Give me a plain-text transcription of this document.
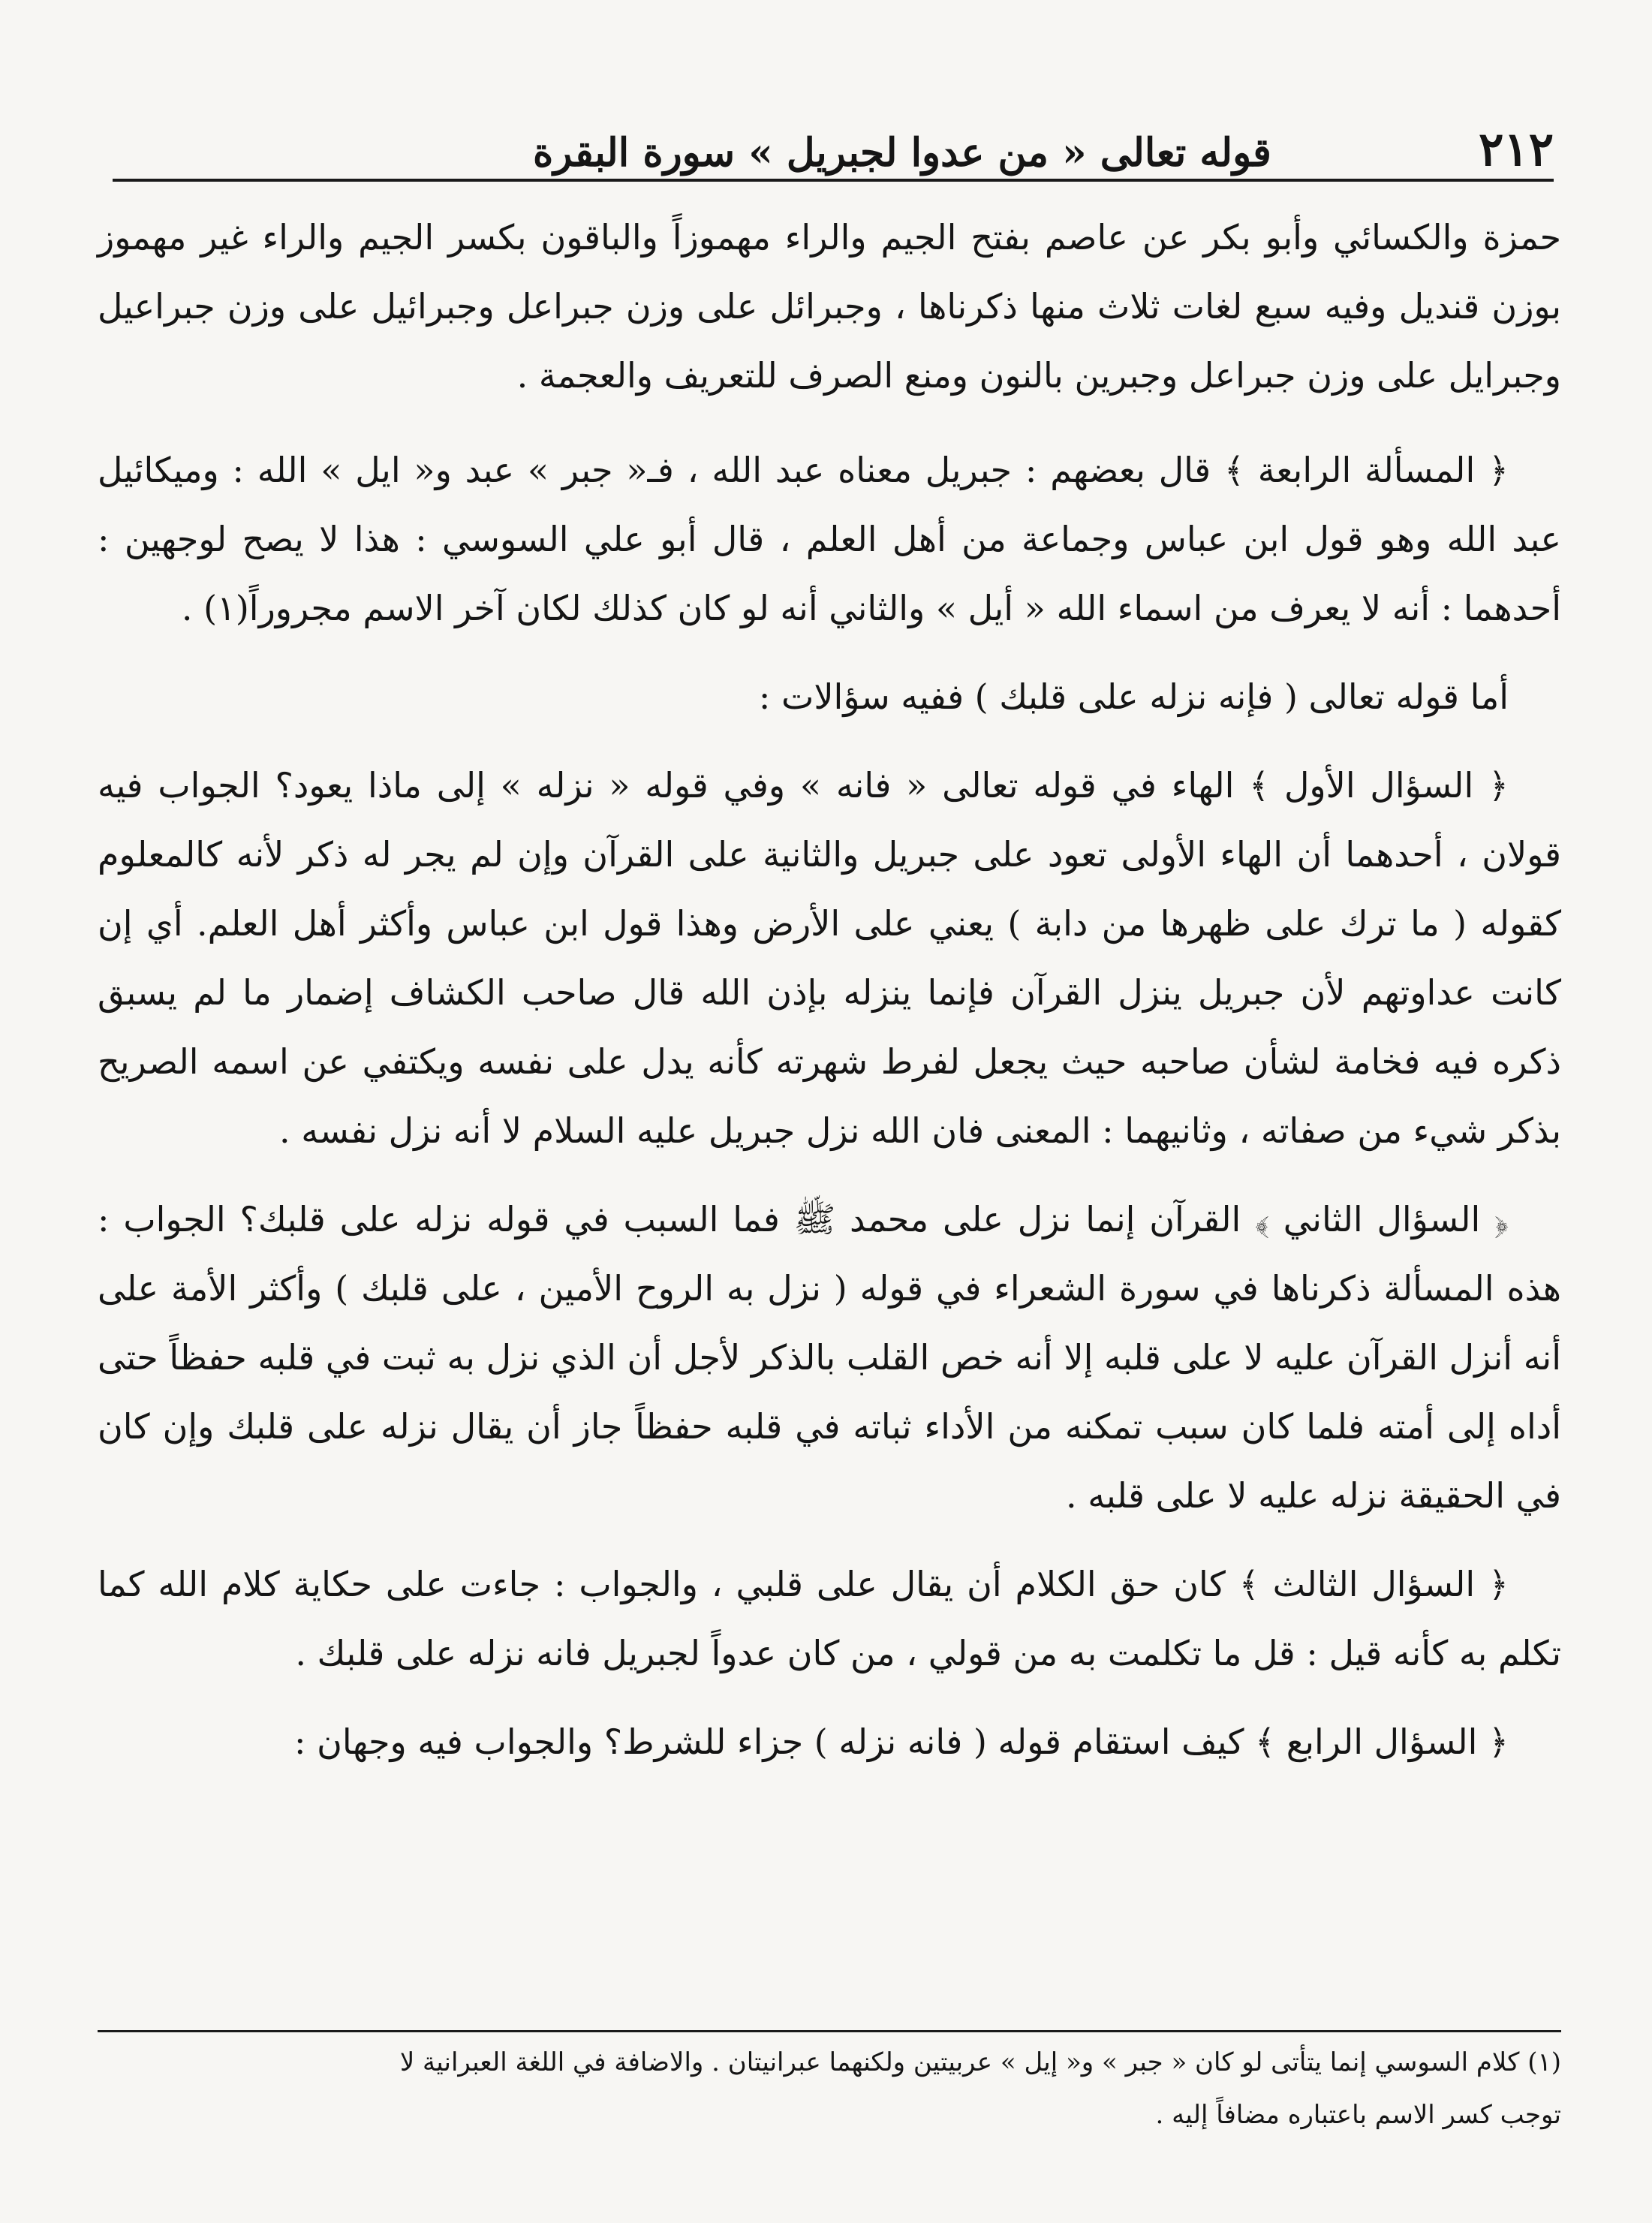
٢١٢
قوله تعالى « من عدوا لجبريل » سورة البقرة

حمزة والكسائي وأبو بكر عن عاصم بفتح الجيم والراء مهموزاً والباقون بكسر الجيم والراء غير مهموز بوزن قنديل وفيه سبع لغات ثلاث منها ذكرناها ، وجبرائل على وزن جبراعل وجبرائيل على وزن جبراعيل وجبرايل على وزن جبراعل وجبرين بالنون ومنع الصرف للتعريف والعجمة .

﴿ المسألة الرابعة ﴾ قال بعضهم : جبريل معناه عبد الله ، فـ« جبر » عبد و« ايل » الله : وميكائيل عبد الله وهو قول ابن عباس وجماعة من أهل العلم ، قال أبو علي السوسي : هذا لا يصح لوجهين : أحدهما : أنه لا يعرف من اسماء الله « أيل » والثاني أنه لو كان كذلك لكان آخر الاسم مجروراً(١) .

أما قوله تعالى ( فإنه نزله على قلبك ) ففيه سؤالات :

﴿ السؤال الأول ﴾ الهاء في قوله تعالى « فانه » وفي قوله « نزله » إلى ماذا يعود؟ الجواب فيه قولان ، أحدهما أن الهاء الأولى تعود على جبريل والثانية على القرآن وإن لم يجر له ذكر لأنه كالمعلوم كقوله ( ما ترك على ظهرها من دابة ) يعني على الأرض وهذا قول ابن عباس وأكثر أهل العلم. أي إن كانت عداوتهم لأن جبريل ينزل القرآن فإنما ينزله بإذن الله قال صاحب الكشاف إضمار ما لم يسبق ذكره فيه فخامة لشأن صاحبه حيث يجعل لفرط شهرته كأنه يدل على نفسه ويكتفي عن اسمه الصريح بذكر شيء من صفاته ، وثانيهما : المعنى فان الله نزل جبريل عليه السلام لا أنه نزل نفسه .

﴿ السؤال الثاني ﴾ القرآن إنما نزل على محمد ﷺ فما السبب في قوله نزله على قلبك؟ الجواب : هذه المسألة ذكرناها في سورة الشعراء في قوله ( نزل به الروح الأمين ، على قلبك ) وأكثر الأمة على أنه أنزل القرآن عليه لا على قلبه إلا أنه خص القلب بالذكر لأجل أن الذي نزل به ثبت في قلبه حفظاً حتى أداه إلى أمته فلما كان سبب تمكنه من الأداء ثباته في قلبه حفظاً جاز أن يقال نزله على قلبك وإن كان في الحقيقة نزله عليه لا على قلبه .

﴿ السؤال الثالث ﴾ كان حق الكلام أن يقال على قلبي ، والجواب : جاءت على حكاية كلام الله كما تكلم به كأنه قيل : قل ما تكلمت به من قولي ، من كان عدواً لجبريل فانه نزله على قلبك .

﴿ السؤال الرابع ﴾ كيف استقام قوله ( فانه نزله ) جزاء للشرط؟ والجواب فيه وجهان :

(١) كلام السوسي إنما يتأتى لو كان « جبر » و« إيل » عربيتين ولكنهما عبرانيتان . والاضافة في اللغة العبرانية لا

توجب كسر الاسم باعتباره مضافاً إليه .
